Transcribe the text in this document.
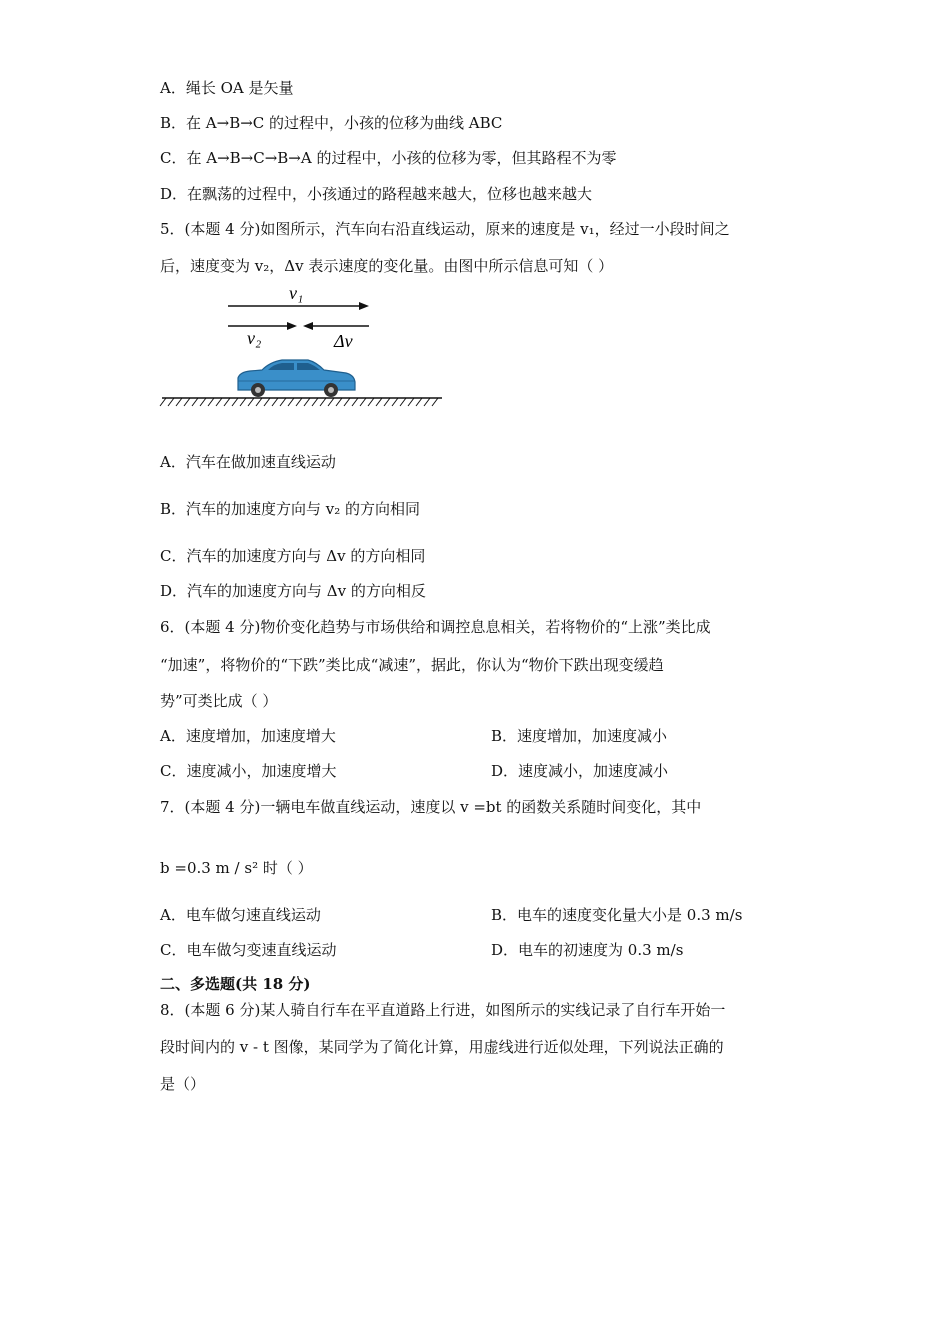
A．绳长 OA 是矢量
B．在 A→B→C 的过程中，小孩的位移为曲线 ABC
C．在 A→B→C→B→A 的过程中，小孩的位移为零，但其路程不为零
D．在飘荡的过程中，小孩通过的路程越来越大，位移也越来越大
5．(本题 4 分)如图所示，汽车向右沿直线运动，原来的速度是 v₁，经过一小段时间之
后，速度变为 v₂，Δv 表示速度的变化量。由图中所示信息可知（ ）
v₁
v₂	Δv
A．汽车在做加速直线运动
B．汽车的加速度方向与 v₂ 的方向相同
C．汽车的加速度方向与 Δv 的方向相同
D．汽车的加速度方向与 Δv 的方向相反
6．(本题 4 分)物价变化趋势与市场供给和调控息息相关，若将物价的“上涨”类比成
“加速”，将物价的“下跌”类比成“减速”，据此，你认为“物价下跌出现变缓趋
势”可类比成（ ）
A．速度增加，加速度增大	B．速度增加，加速度减小
C．速度减小，加速度增大	D．速度减小，加速度减小
7．(本题 4 分)一辆电车做直线运动，速度以 v =bt 的函数关系随时间变化，其中
b =0.3 m / s² 时（ ）
A．电车做匀速直线运动	B．电车的速度变化量大小是 0.3 m/s
C．电车做匀变速直线运动	D．电车的初速度为 0.3 m/s
二、多选题(共 18 分)
8．(本题 6 分)某人骑自行车在平直道路上行进，如图所示的实线记录了自行车开始一
段时间内的 v - t 图像，某同学为了简化计算，用虚线进行近似处理，下列说法正确的
是（）
